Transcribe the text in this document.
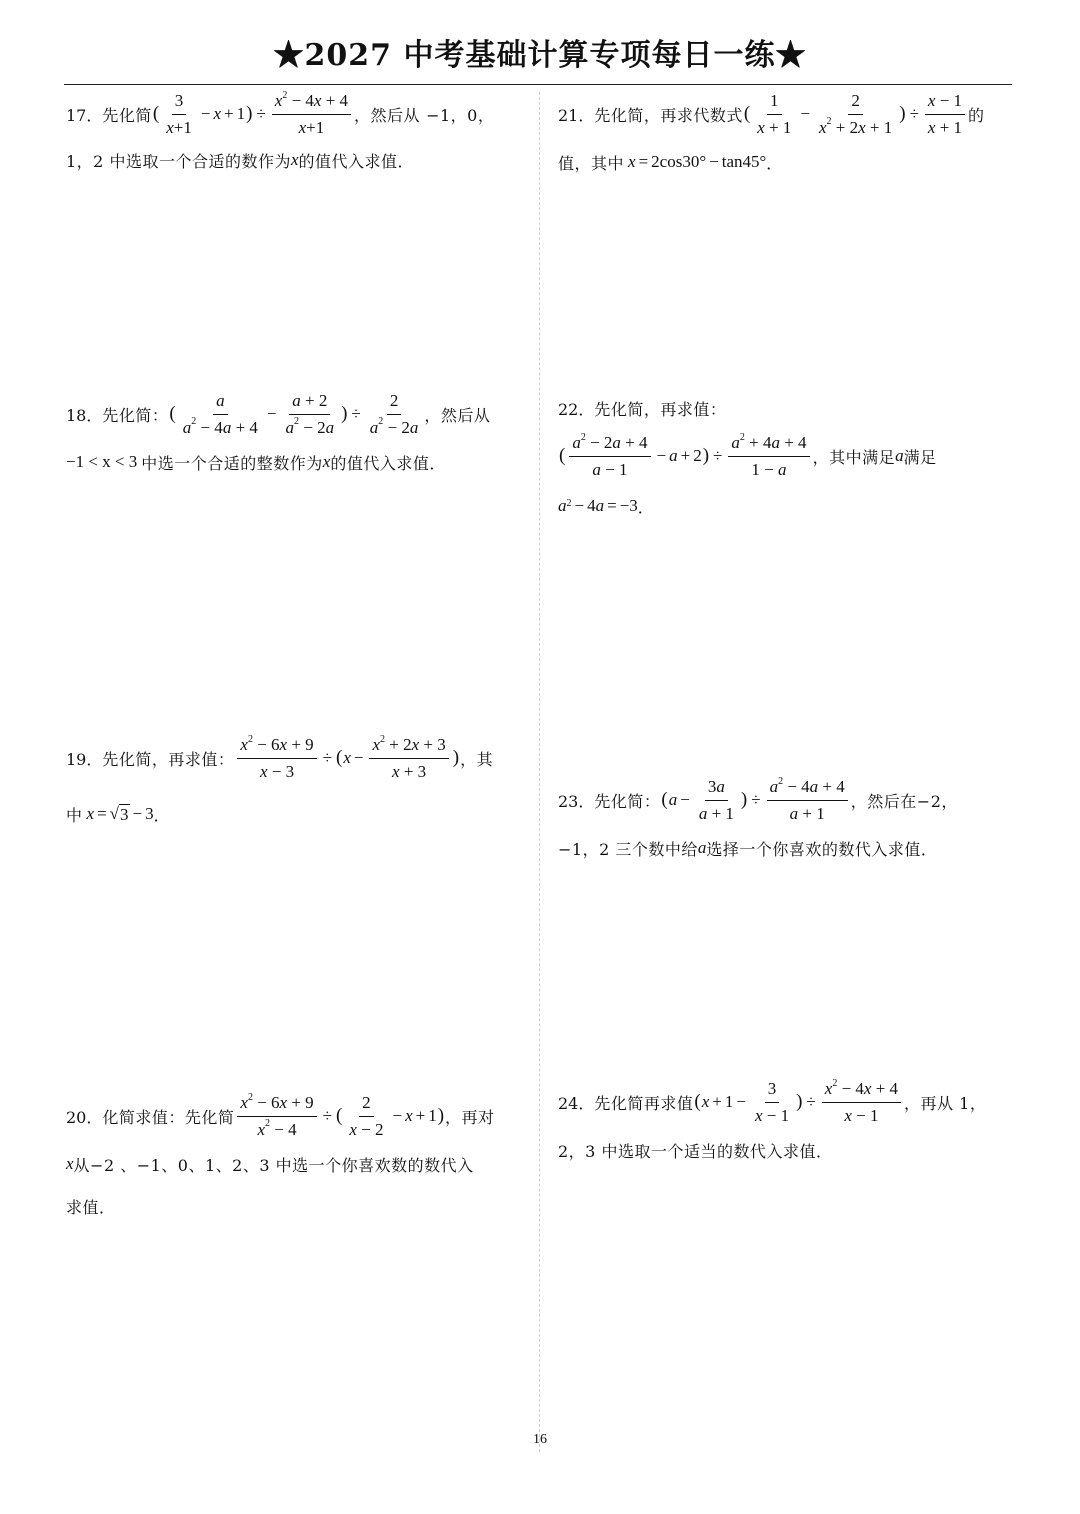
★2027 中考基础计算专项每日一练★
17． 先化简 ( $\frac{3}{x+1} - x + 1$ ) ÷ $\frac{x^2 - 4x + 4}{x+1}$ ，然后从 −1，0，
1，2 中选取一个合适的数作为 x 的值代入求值．
18． 先化简： ( $\frac{a}{a^2 - 4a + 4} - \frac{a + 2}{a^2 - 2a}$ ) ÷ $\frac{2}{a^2 - 2a}$ ，然后从
−1 < x < 3 中选一个合适的整数作为 x 的值代入求值．
19． 先化简，再求值： $\frac{x^2 - 6x + 9}{x - 3}$ ÷ ( $x - \frac{x^2 + 2x + 3}{x + 3}$ ) ，其
中 x = √ 3 − 3 ．
20． 化简求值：先化简 $\frac{x^2 - 6x + 9}{x^2 - 4}$ ÷ ( $\frac{2}{x - 2} - x + 1$ ) ，再对
x 从−2 、−1、0、1、2、3 中选一个你喜欢数的数代入
求值．
21． 先化简，再求代数式 ( $\frac{1}{x + 1} - \frac{2}{x^2 + 2x + 1}$ ) ÷ $\frac{x - 1}{x + 1}$ 的
值，其中 x = 2cos30° − tan45° ．
22． 先化简，再求值：
( $\frac{a^2 - 2a + 4}{a - 1} - a + 2$ ) ÷ $\frac{a^2 + 4a + 4}{1 - a}$ ，其中满足 a 满足
$a^2 - 4$ a = −3 ．
23． 先化简： ( $a - \frac{3a}{a + 1}$ ) ÷ $\frac{a^2 - 4a + 4}{a + 1}$ ，然后在 −2，
−1，2 三个数中给 a 选择一个你喜欢的数代入求值．
24． 先化简再求值 ( $x + 1 - \frac{3}{x - 1}$ ) ÷ $\frac{x^2 - 4x + 4}{x - 1}$ ，再从 1，
2，3 中选取一个适当的数代入求值．
16
